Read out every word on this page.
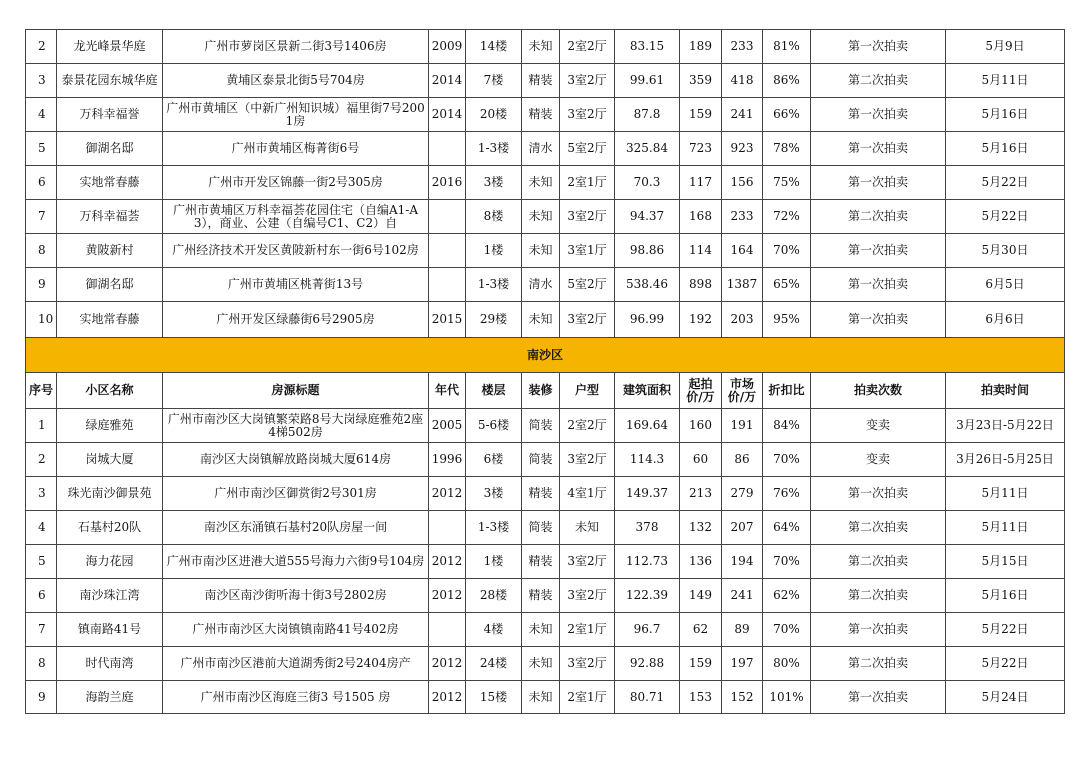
2	龙光峰景华庭	广州市萝岗区景新二街3号1406房	2009	14楼	未知	2室2厅	83.15	189	233	81%	第一次拍卖	5月9日
3	泰景花园东城华庭	黄埔区泰景北街5号704房	2014	7楼	精装	3室2厅	99.61	359	418	86%	第二次拍卖	5月11日
4	万科幸福誉	广州市黄埔区（中新广州知识城）福里街7号2001房	2014	20楼	精装	3室2厅	87.8	159	241	66%	第一次拍卖	5月16日
5	御湖名邸	广州市黄埔区梅菁街6号		1-3楼	清水	5室2厅	325.84	723	923	78%	第一次拍卖	5月16日
6	实地常春藤	广州市开发区锦藤一街2号305房	2016	3楼	未知	2室1厅	70.3	117	156	75%	第一次拍卖	5月22日
7	万科幸福荟	广州市黄埔区万科幸福荟花园住宅（自编A1-A3），商业、公建（自编号C1、C2）自		8楼	未知	3室2厅	94.37	168	233	72%	第二次拍卖	5月22日
8	黄陂新村	广州经济技术开发区黄陂新村东一街6号102房		1楼	未知	3室1厅	98.86	114	164	70%	第一次拍卖	5月30日
9	御湖名邸	广州市黄埔区桃菁街13号		1-3楼	清水	5室2厅	538.46	898	1387	65%	第一次拍卖	6月5日
10	实地常春藤	广州开发区绿藤街6号2905房	2015	29楼	未知	3室2厅	96.99	192	203	95%	第一次拍卖	6月6日
南沙区												
序号	小区名称	房源标题	年代	楼层	装修	户型	建筑面积	起拍价/万	市场价/万	折扣比	拍卖次数	拍卖时间
1	绿庭雅苑	广州市南沙区大岗镇繁荣路8号大岗绿庭雅苑2座4梯502房	2005	5-6楼	简装	2室2厅	169.64	160	191	84%	变卖	3月23日-5月22日
2	岗城大厦	南沙区大岗镇解放路岗城大厦614房	1996	6楼	简装	3室2厅	114.3	60	86	70%	变卖	3月26日-5月25日
3	珠光南沙御景苑	广州市南沙区御赏街2号301房	2012	3楼	精装	4室1厅	149.37	213	279	76%	第一次拍卖	5月11日
4	石基村20队	南沙区东涌镇石基村20队房屋一间		1-3楼	简装	未知	378	132	207	64%	第二次拍卖	5月11日
5	海力花园	广州市南沙区进港大道555号海力六街9号104房	2012	1楼	精装	3室2厅	112.73	136	194	70%	第二次拍卖	5月15日
6	南沙珠江湾	南沙区南沙街听海十街3号2802房	2012	28楼	精装	3室2厅	122.39	149	241	62%	第二次拍卖	5月16日
7	镇南路41号	广州市南沙区大岗镇镇南路41号402房		4楼	未知	2室1厅	96.7	62	89	70%	第一次拍卖	5月22日
8	时代南湾	广州市南沙区港前大道湖秀街2号2404房产	2012	24楼	未知	3室2厅	92.88	159	197	80%	第二次拍卖	5月22日
9	海韵兰庭	广州市南沙区海庭三街3 号1505 房	2012	15楼	未知	2室1厅	80.71	153	152	101%	第一次拍卖	5月24日
